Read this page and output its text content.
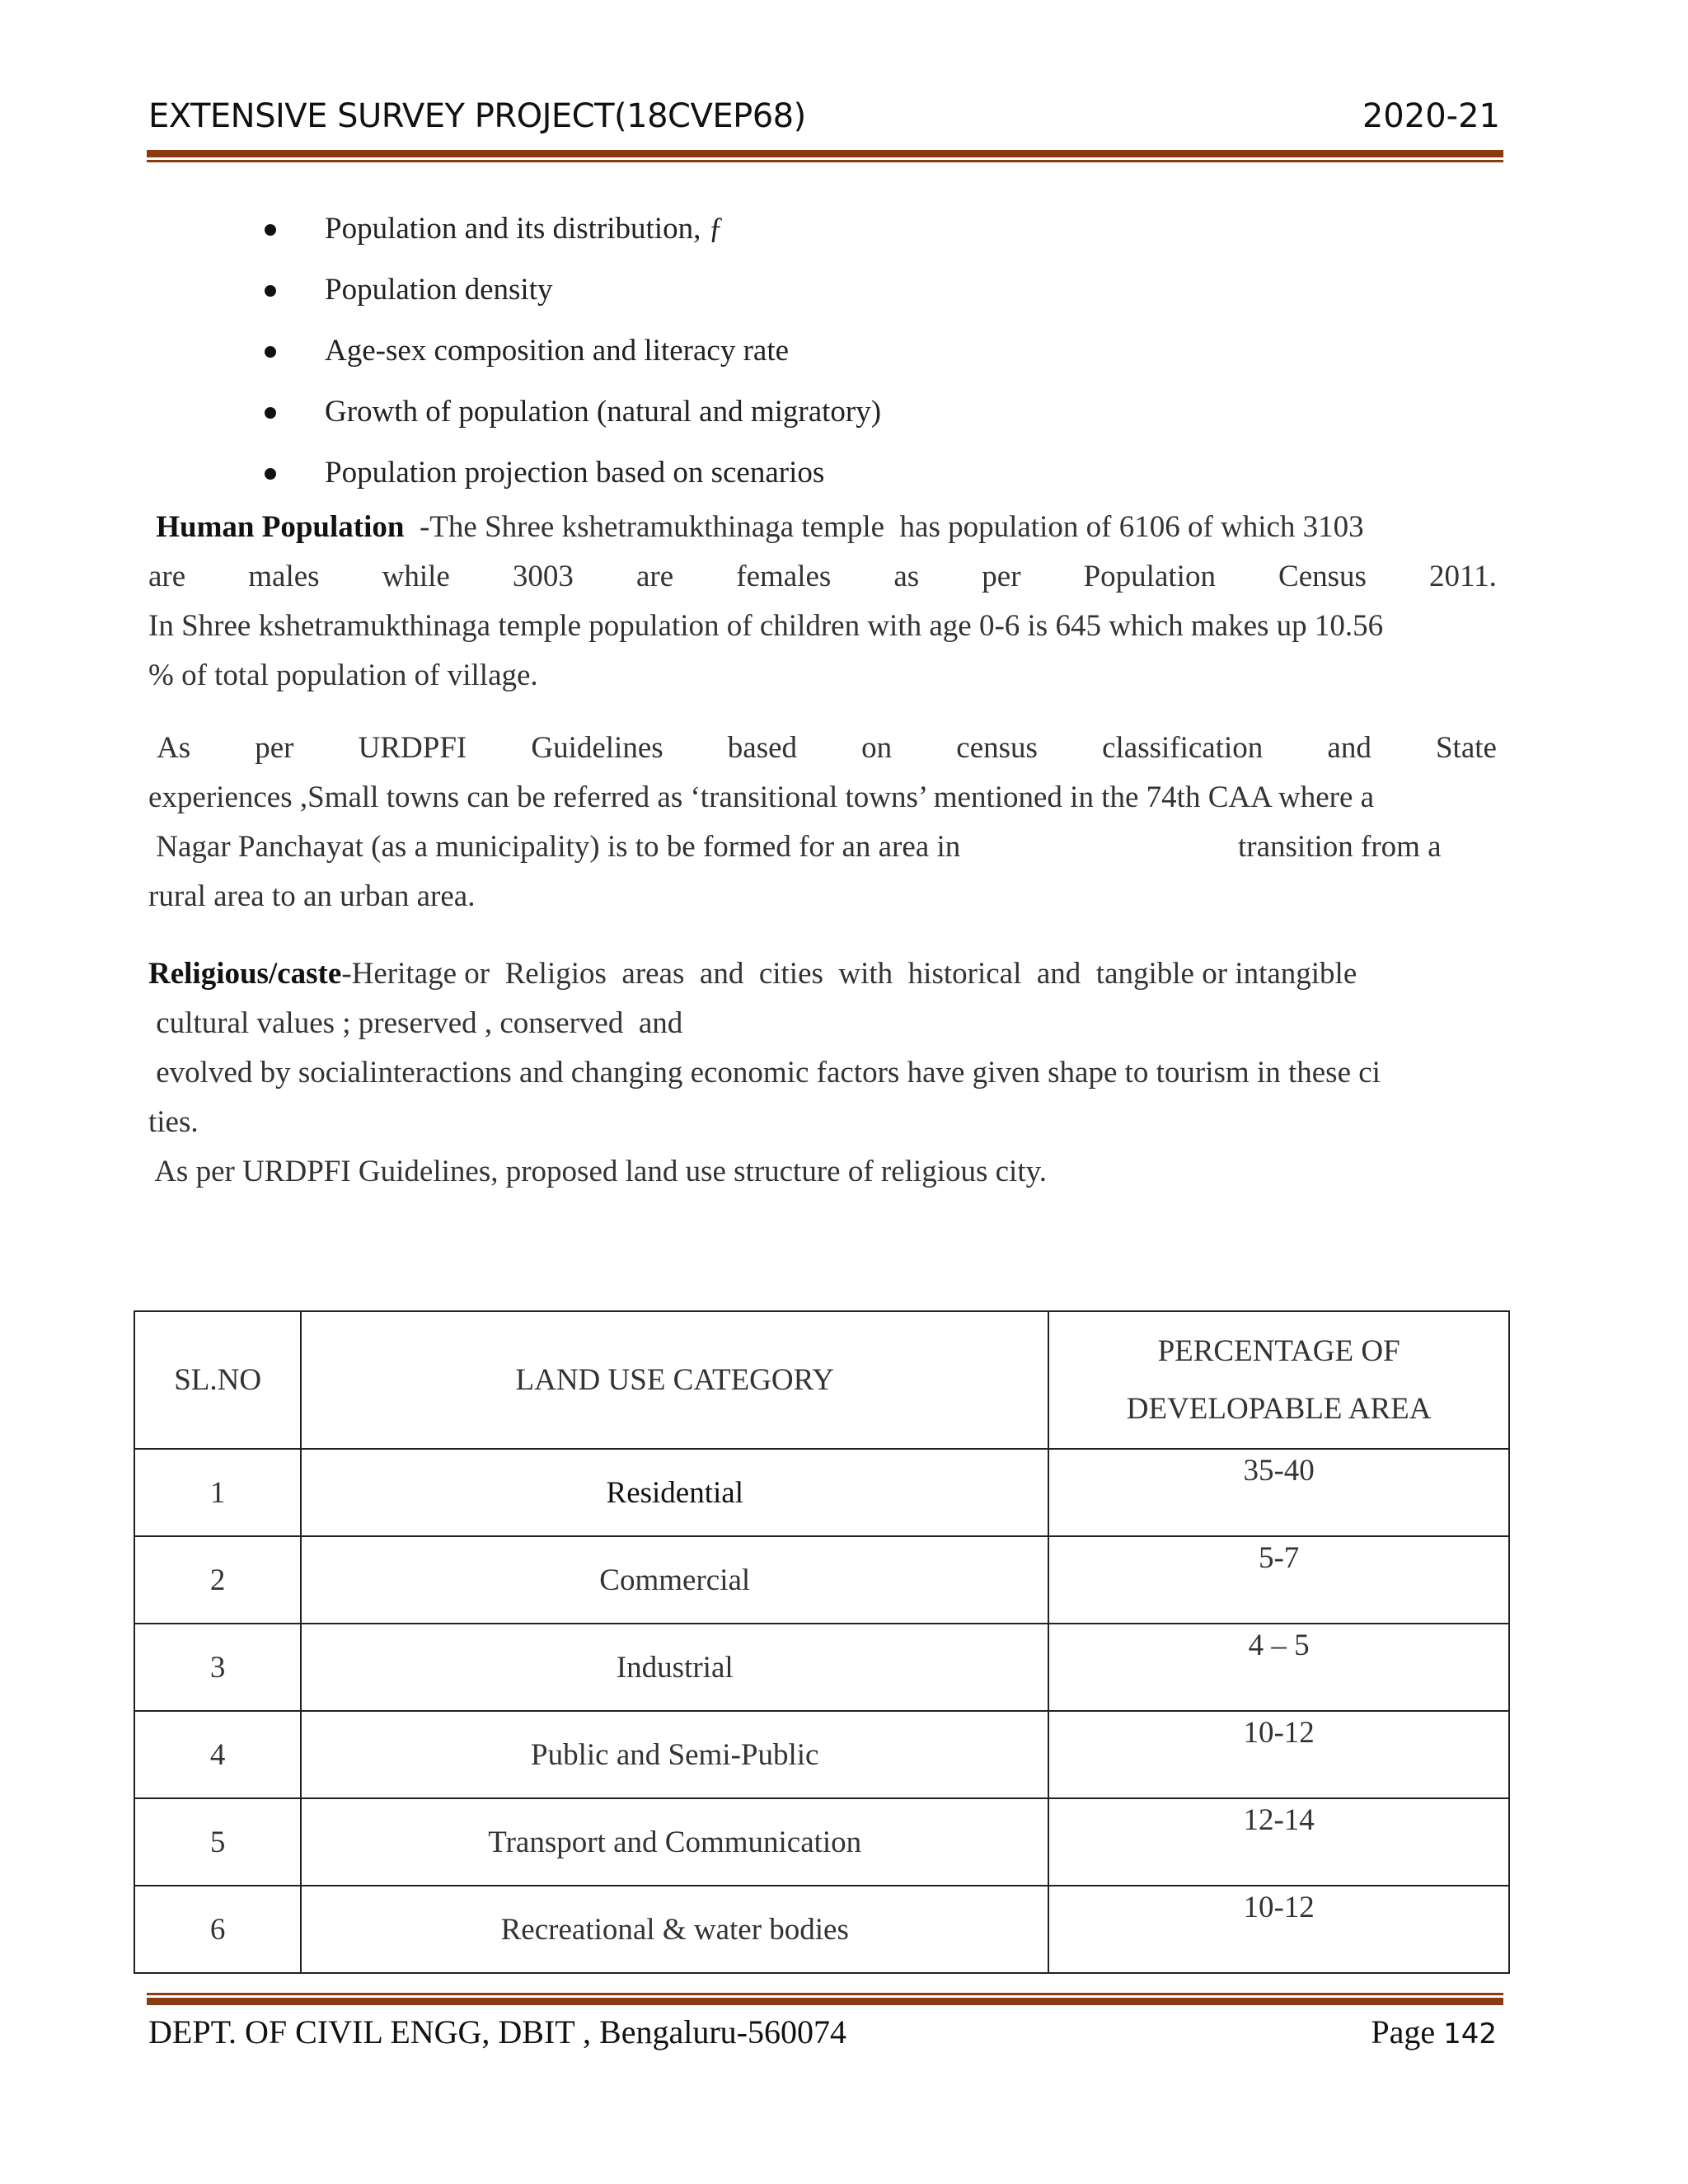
EXTENSIVE SURVEY PROJECT(18CVEP68)	2020-21
Population and its distribution, ƒ
Population density
Age-sex composition and literacy rate
Growth of population (natural and migratory)
Population projection based on scenarios
Human Population  -The Shree kshetramukthinaga temple  has population of 6106 of which 3103
are males while 3003 are females as per Population Census 2011.
In Shree kshetramukthinaga temple population of children with age 0-6 is 645 which makes up 10.56
% of total population of village.
As per URDPFI Guidelines based on census classification and State
experiences ,Small towns can be referred as ‘transitional towns’ mentioned in the 74th CAA where a
Nagar Panchayat (as a municipality) is to be formed for an area in	transition from a
rural area to an urban area.
Religious/caste-Heritage or  Religios  areas  and  cities  with  historical  and  tangible or intangible
cultural values ; preserved , conserved  and
evolved by socialinteractions and changing economic factors have given shape to tourism in these ci
ties.
As per URDPFI Guidelines, proposed land use structure of religious city.
SL.NO	LAND USE CATEGORY	PERCENTAGE OF
DEVELOPABLE AREA

1	Residential	35-40
2	Commercial	5-7
3	Industrial	4 – 5
4	Public and Semi-Public	10-12
5	Transport and Communication	12-14
6	Recreational & water bodies	10-12
DEPT. OF CIVIL ENGG, DBIT , Bengaluru-560074	Page 142
